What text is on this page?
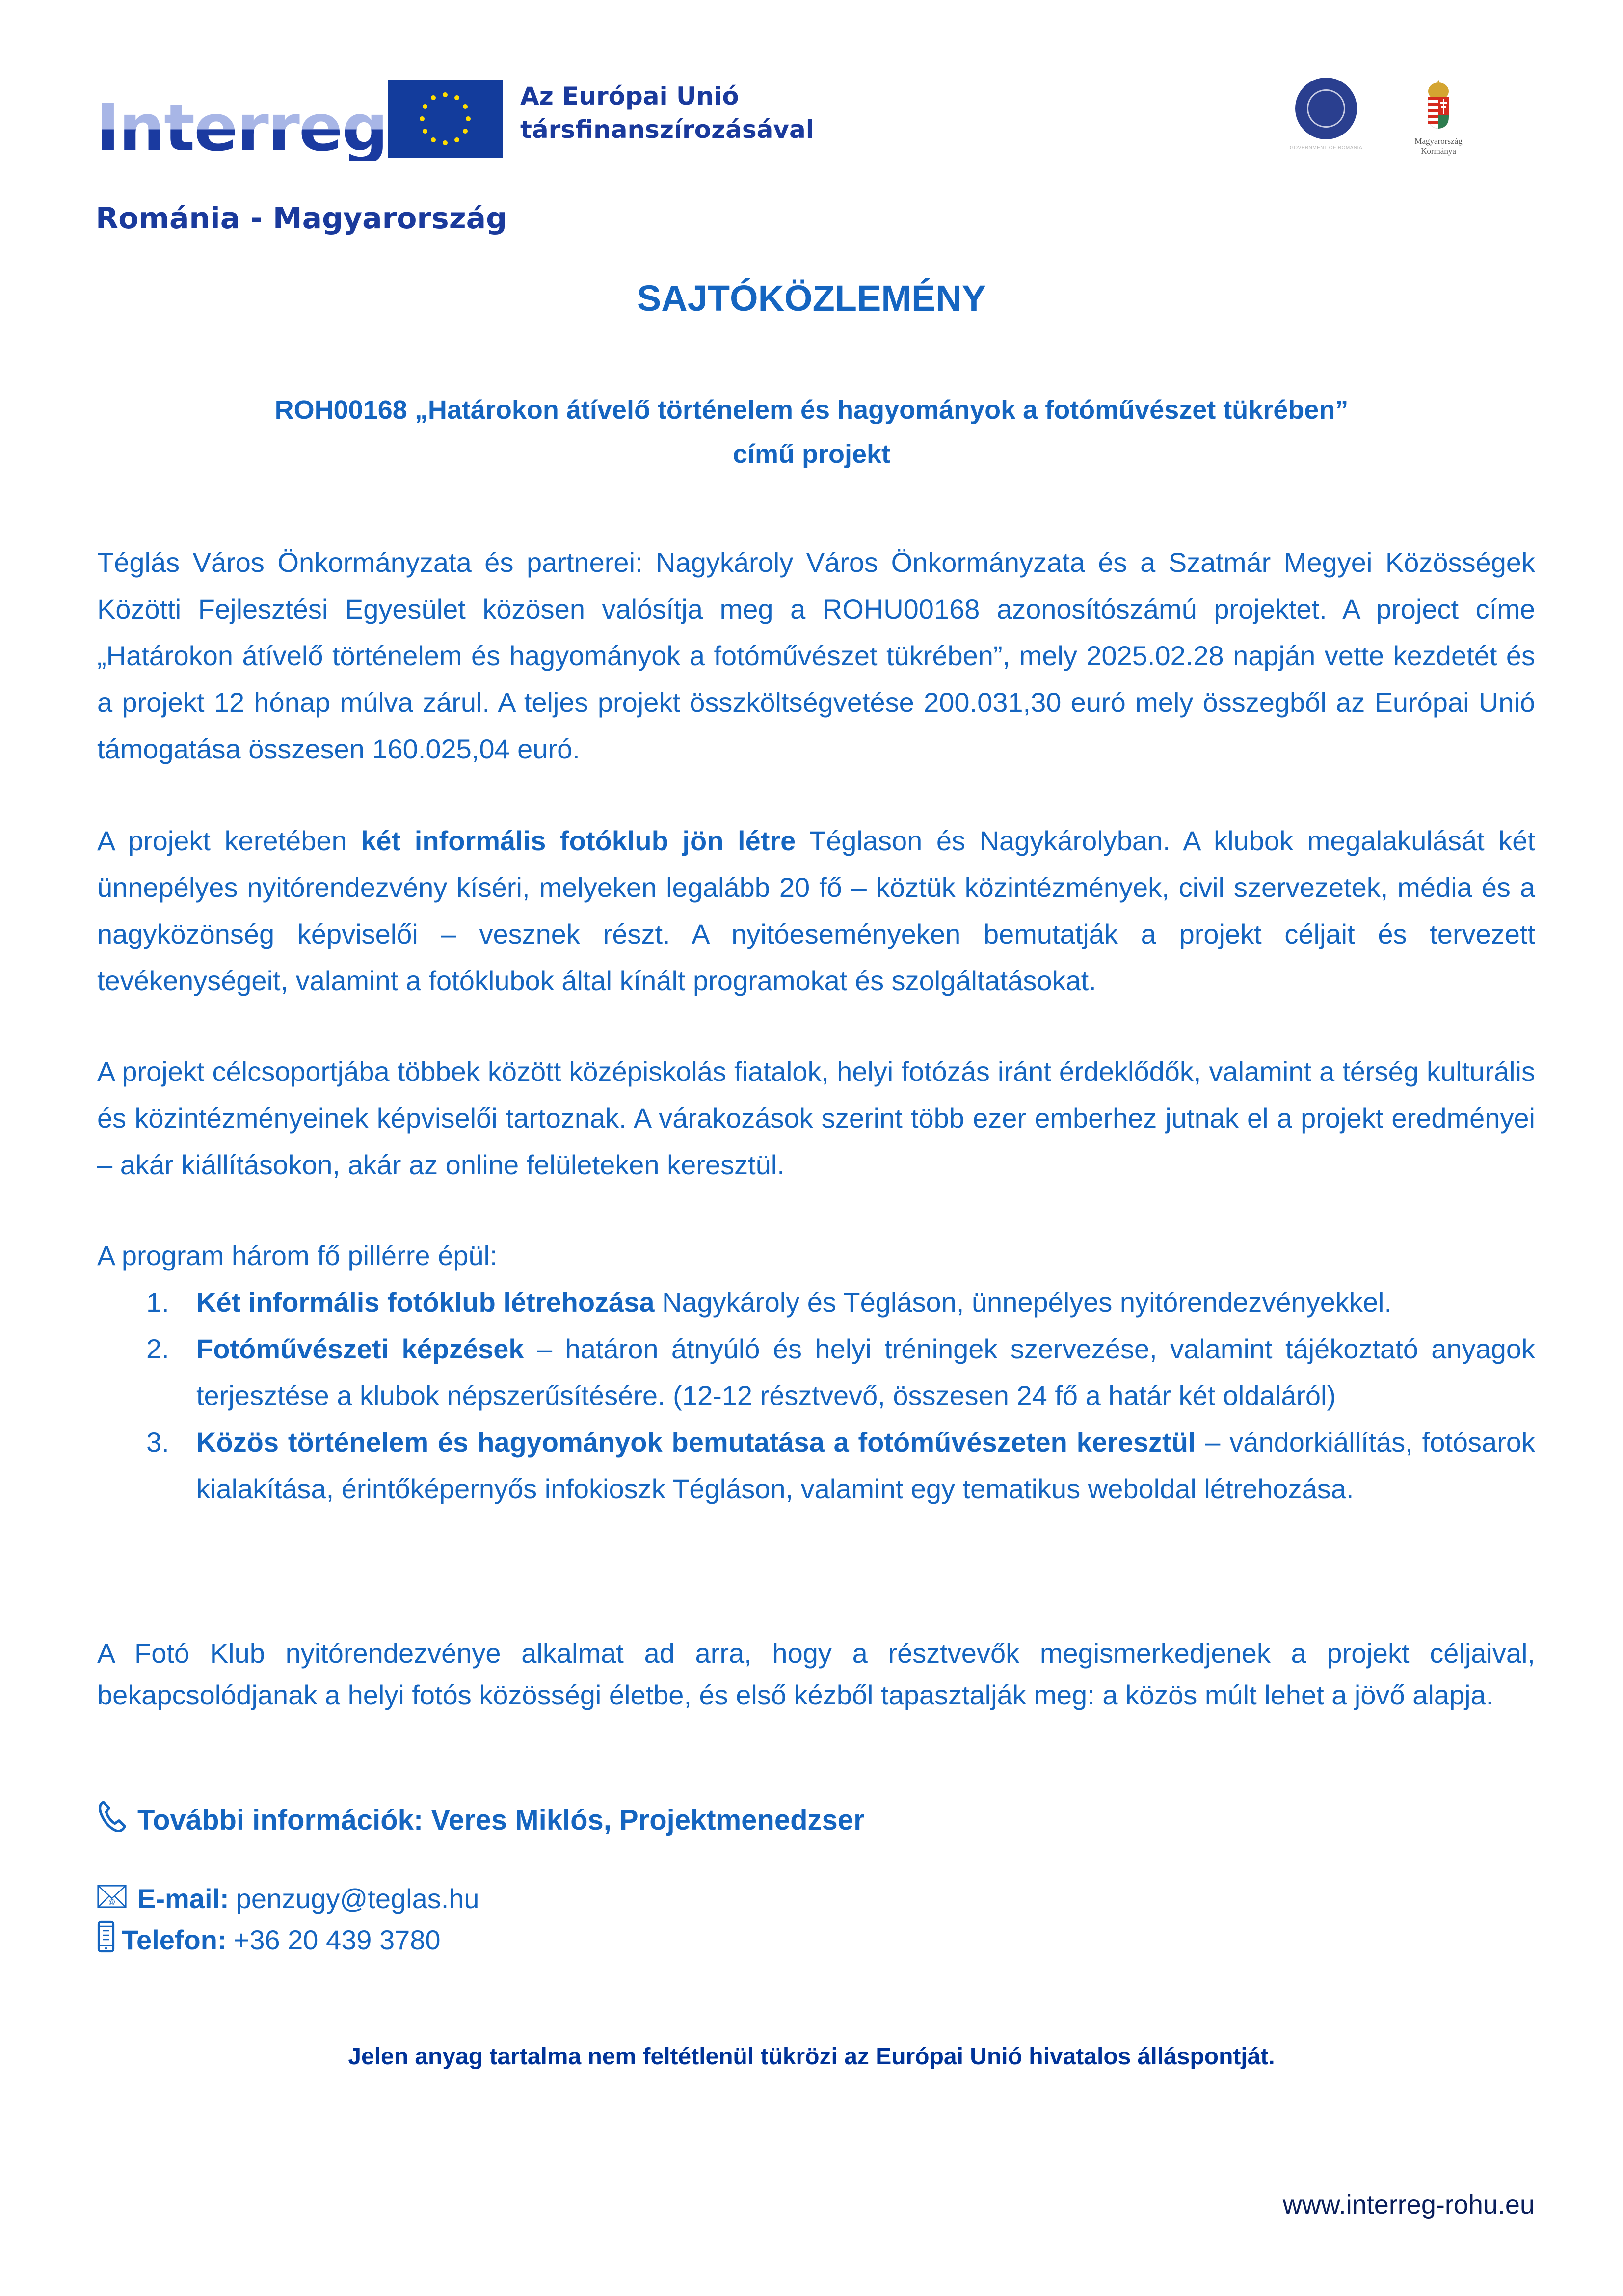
Interreg	Az Európai Unió
társfinanszírozásával
Románia - Magyarország
GOVERNMENT OF ROMANIA
Magyarország
Kormánya
SAJTÓKÖZLEMÉNY
ROH00168 „Határokon átívelő történelem és hagyományok a fotóművészet tükrében”
című projekt
Téglás Város Önkormányzata és partnerei: Nagykároly Város Önkormányzata és a Szatmár Megyei Közösségek Közötti Fejlesztési Egyesület közösen valósítja meg a ROHU00168 azonosítószámú projektet. A project címe „Határokon átívelő történelem és hagyományok a fotóművészet tükrében”, mely 2025.02.28 napján vette kezdetét és a projekt 12 hónap múlva zárul. A teljes projekt összköltségvetése 200.031,30 euró mely összegből az Európai Unió támogatása összesen 160.025,04 euró.
A projekt keretében két informális fotóklub jön létre Téglason és Nagykárolyban. A klubok megalakulását két ünnepélyes nyitórendezvény kíséri, melyeken legalább 20 fő – köztük közintézmények, civil szervezetek, média és a nagyközönség képviselői – vesznek részt. A nyitóeseményeken bemutatják a projekt céljait és tervezett tevékenységeit, valamint a fotóklubok által kínált programokat és szolgáltatásokat.
A projekt célcsoportjába többek között középiskolás fiatalok, helyi fotózás iránt érdeklődők, valamint a térség kulturális és közintézményeinek képviselői tartoznak. A várakozások szerint több ezer emberhez jutnak el a projekt eredményei – akár kiállításokon, akár az online felületeken keresztül.
A program három fő pillérre épül:
1. Két informális fotóklub létrehozása Nagykároly és Tégláson, ünnepélyes nyitórendezvényekkel.
2. Fotóművészeti képzések – határon átnyúló és helyi tréningek szervezése, valamint tájékoztató anyagok terjesztése a klubok népszerűsítésére. (12-12 résztvevő, összesen 24 fő a határ két oldaláról)
3. Közös történelem és hagyományok bemutatása a fotóművészeten keresztül – vándorkiállítás, fotósarok kialakítása, érintőképernyős infokioszk Tégláson, valamint egy tematikus weboldal létrehozása.
A Fotó Klub nyitórendezvénye alkalmat ad arra, hogy a résztvevők megismerkedjenek a projekt céljaival, bekapcsolódjanak a helyi fotós közösségi életbe, és első kézből tapasztalják meg: a közös múlt lehet a jövő alapja.
További információk: Veres Miklós, Projektmenedzser
@ E-mail: penzugy@teglas.hu
Telefon: +36 20 439 3780
Jelen anyag tartalma nem feltétlenül tükrözi az Európai Unió hivatalos álláspontját.
www.interreg-rohu.eu
